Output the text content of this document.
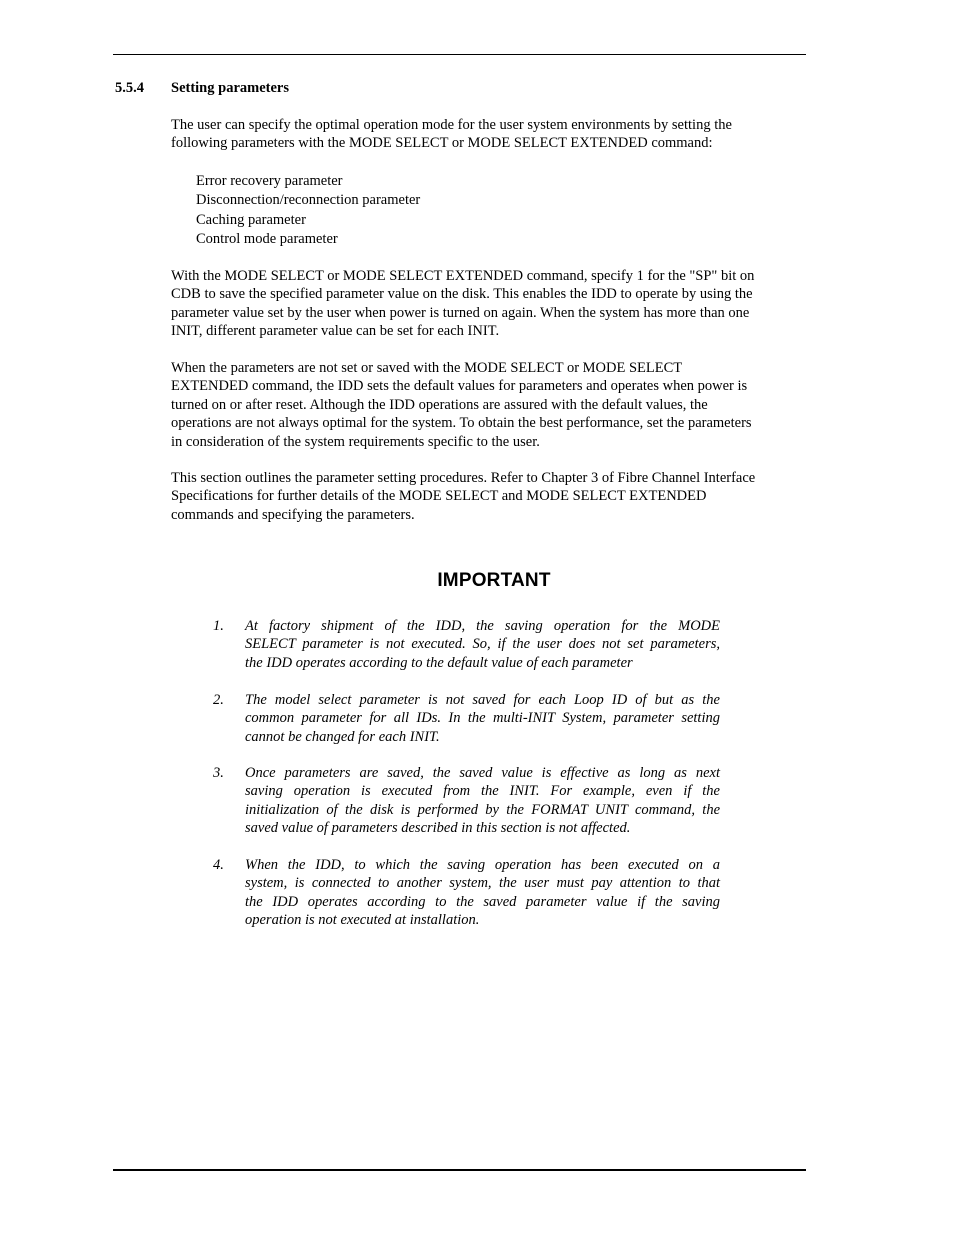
5.5.4 Setting parameters
The user can specify the optimal operation mode for the user system environments by setting the
following parameters with the MODE SELECT or MODE SELECT EXTENDED command:
Error recovery parameter
Disconnection/reconnection parameter
Caching parameter
Control mode parameter
With the MODE SELECT or MODE SELECT EXTENDED command, specify 1 for the "SP" bit on
CDB to save the specified parameter value on the disk. This enables the IDD to operate by using the
parameter value set by the user when power is turned on again. When the system has more than one
INIT, different parameter value can be set for each INIT.
When the parameters are not set or saved with the MODE SELECT or MODE SELECT
EXTENDED command, the IDD sets the default values for parameters and operates when power is
turned on or after reset. Although the IDD operations are assured with the default values, the
operations are not always optimal for the system. To obtain the best performance, set the parameters
in consideration of the system requirements specific to the user.
This section outlines the parameter setting procedures. Refer to Chapter 3 of Fibre Channel Interface
Specifications for further details of the MODE SELECT and MODE SELECT EXTENDED
commands and specifying the parameters.
IMPORTANT
1. At factory shipment of the IDD, the saving operation for the MODE
SELECT parameter is not executed. So, if the user does not set parameters,
the IDD operates according to the default value of each parameter
2. The model select parameter is not saved for each Loop ID of but as the
common parameter for all IDs. In the multi-INIT System, parameter setting
cannot be changed for each INIT.
3. Once parameters are saved, the saved value is effective as long as next
saving operation is executed from the INIT. For example, even if the
initialization of the disk is performed by the FORMAT UNIT command, the
saved value of parameters described in this section is not affected.
4. When the IDD, to which the saving operation has been executed on a
system, is connected to another system, the user must pay attention to that
the IDD operates according to the saved parameter value if the saving
operation is not executed at installation.
